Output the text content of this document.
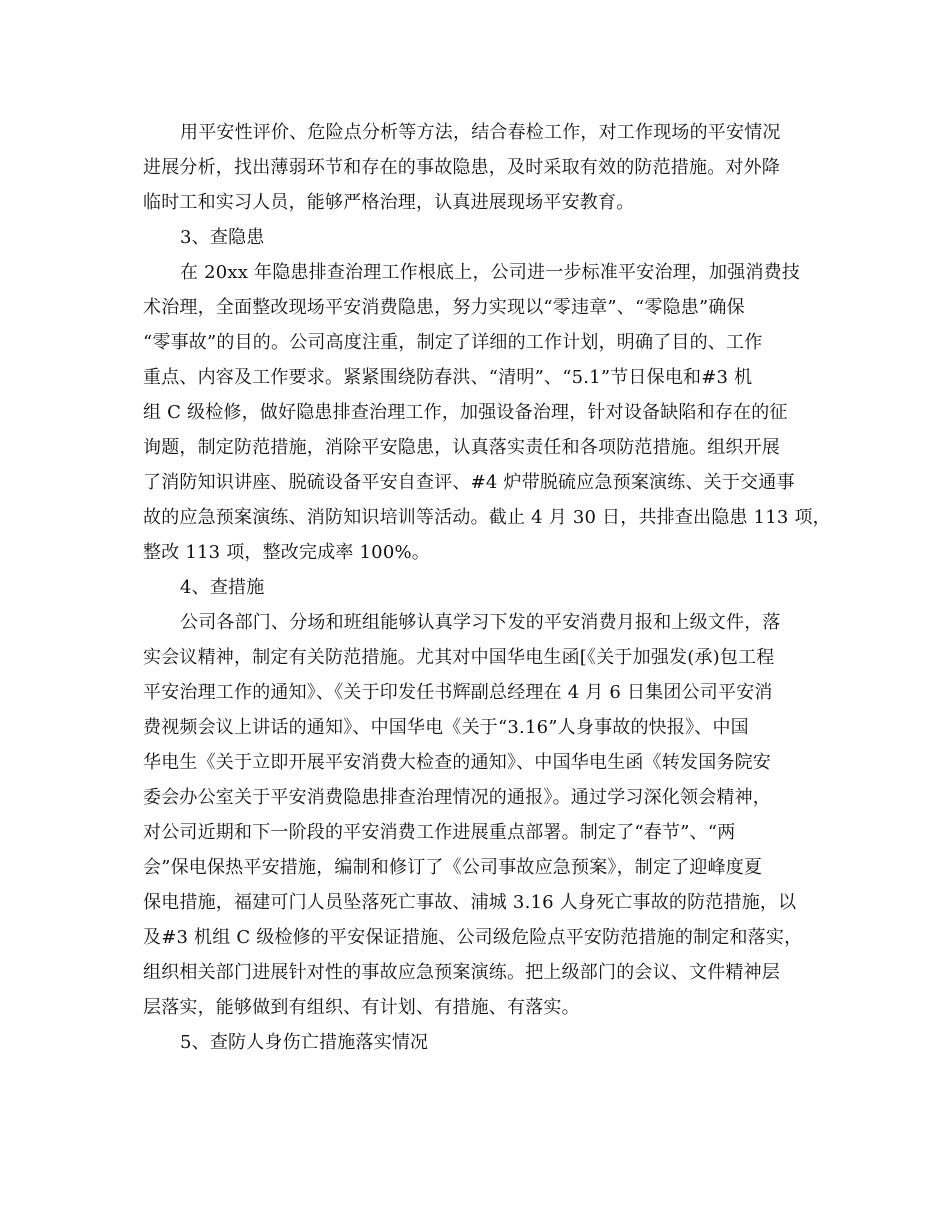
用平安性评价、危险点分析等方法，结合春检工作，对工作现场的平安情况
进展分析，找出薄弱环节和存在的事故隐患，及时采取有效的防范措施。对外降
临时工和实习人员，能够严格治理，认真进展现场平安教育。
3、查隐患
在 20xx 年隐患排查治理工作根底上，公司进一步标准平安治理，加强消费技
术治理，全面整改现场平安消费隐患，努力实现以“零违章”、“零隐患”确保
“零事故”的目的。公司高度注重，制定了详细的工作计划，明确了目的、工作
重点、内容及工作要求。紧紧围绕防春洪、“清明”、“5.1”节日保电和#3 机
组 C 级检修，做好隐患排查治理工作，加强设备治理，针对设备缺陷和存在的征
询题，制定防范措施，消除平安隐患，认真落实责任和各项防范措施。组织开展
了消防知识讲座、脱硫设备平安自查评、#4 炉带脱硫应急预案演练、关于交通事
故的应急预案演练、消防知识培训等活动。截止 4 月 30 日，共排查出隐患 113 项，
整改 113 项，整改完成率 100%。
4、查措施
公司各部门、分场和班组能够认真学习下发的平安消费月报和上级文件，落
实会议精神，制定有关防范措施。尤其对中国华电生函[《关于加强发(承)包工程
平安治理工作的通知》、《关于印发任书辉副总经理在 4 月 6 日集团公司平安消
费视频会议上讲话的通知》、中国华电《关于“3.16”人身事故的快报》、中国
华电生《关于立即开展平安消费大检查的通知》、中国华电生函《转发国务院安
委会办公室关于平安消费隐患排查治理情况的通报》。通过学习深化领会精神，
对公司近期和下一阶段的平安消费工作进展重点部署。制定了“春节”、“两
会”保电保热平安措施，编制和修订了《公司事故应急预案》，制定了迎峰度夏
保电措施，福建可门人员坠落死亡事故、浦城 3.16 人身死亡事故的防范措施，以
及#3 机组 C 级检修的平安保证措施、公司级危险点平安防范措施的制定和落实，
组织相关部门进展针对性的事故应急预案演练。把上级部门的会议、文件精神层
层落实，能够做到有组织、有计划、有措施、有落实。
5、查防人身伤亡措施落实情况
